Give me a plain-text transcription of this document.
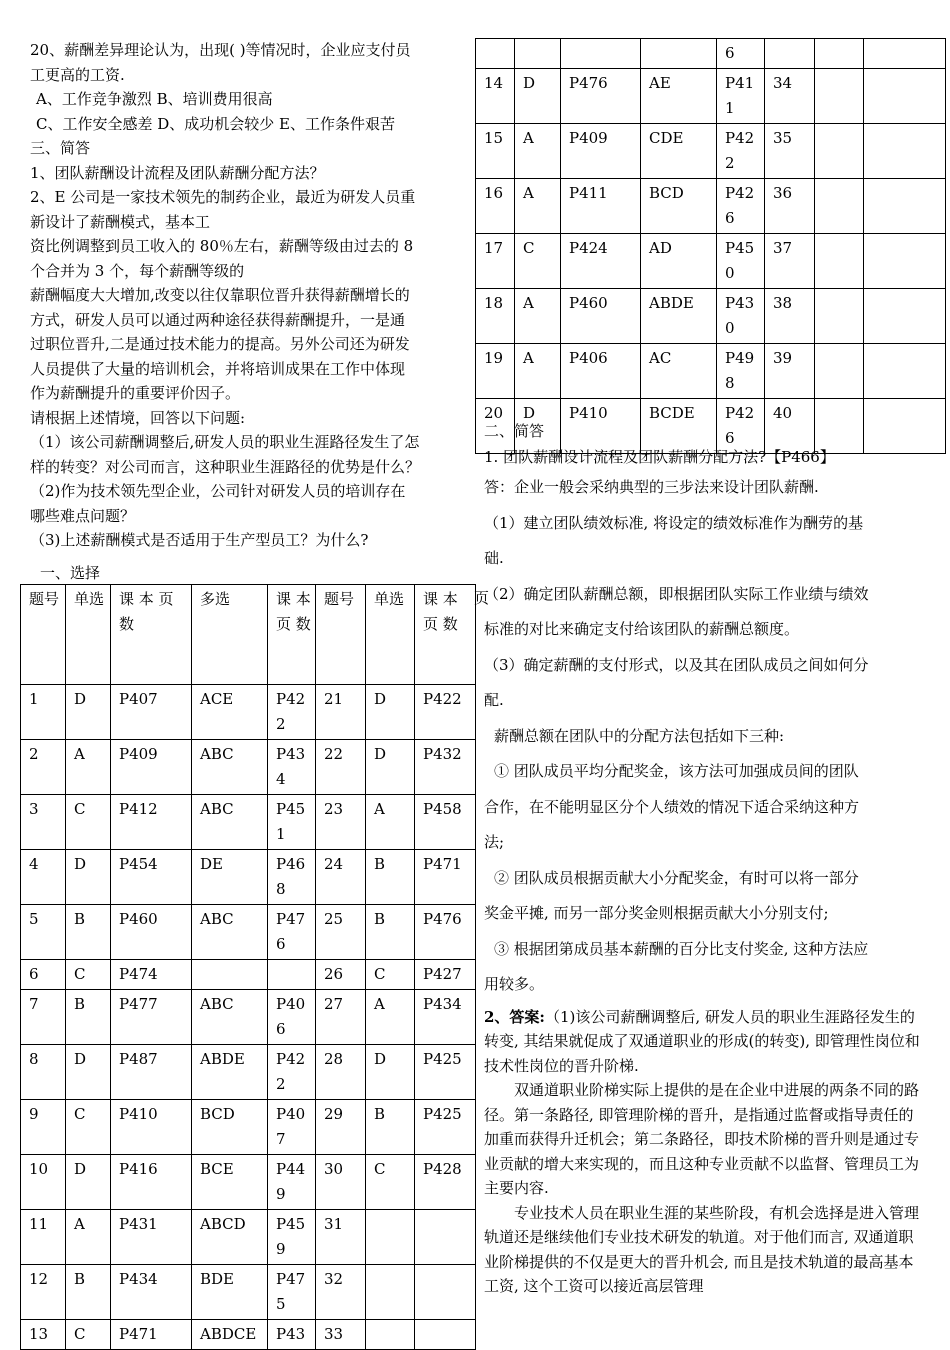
20、薪酬差异理论认为，出现( )等情况时，企业应支付员

工更高的工资.

A、工作竞争激烈 B、培训费用很高

C、工作安全感差 D、成功机会较少 E、工作条件艰苦

三、简答

1、团队薪酬设计流程及团队薪酬分配方法？

2、E 公司是一家技术领先的制药企业，最近为研发人员重

新设计了薪酬模式，基本工

资比例调整到员工收入的 80％左右，薪酬等级由过去的 8

个合并为 3 个，每个薪酬等级的

薪酬幅度大大增加,改变以往仅靠职位晋升获得薪酬增长的

方式，研发人员可以通过两种途径获得薪酬提升，一是通

过职位晋升,二是通过技术能力的提高。另外公司还为研发

人员提供了大量的培训机会，并将培训成果在工作中体现

作为薪酬提升的重要评价因子。

请根据上述情境，回答以下问题:

（1）该公司薪酬调整后,研发人员的职业生涯路径发生了怎

样的转变？对公司而言，这种职业生涯路径的优势是什么？

（2)作为技术领先型企业，公司针对研发人员的培训存在

哪些难点问题？

（3)上述薪酬模式是否适用于生产型员工？为什么?

一、选择
题号	单选	课 本 页 数	多选	课 本 页 数	题号	单选	课 本 页 数
1	D	P407	ACE	P422	21	D	P422
2	A	P409	ABC	P434	22	D	P432
3	C	P412	ABC	P451	23	A	P458
4	D	P454	DE	P468	24	B	P471
5	B	P460	ABC	P476	25	B	P476
6	C	P474			26	C	P427
7	B	P477	ABC	P406	27	A	P434
8	D	P487	ABDE	P422	28	D	P425
9	C	P410	BCD	P407	29	B	P425
10	D	P416	BCE	P449	30	C	P428
11	A	P431	ABCD	P459	31		
12	B	P434	BDE	P475	32		
13	C	P471	ABDCE	P43	33		
页
				6			
14	D	P476	AE	P411	34		
15	A	P409	CDE	P422	35		
16	A	P411	BCD	P426	36		
17	C	P424	AD	P450	37		
18	A	P460	ABDE	P430	38		
19	A	P406	AC	P498	39		
20	D	P410	BCDE	P426	40		

二、简答

1. 团队薪酬设计流程及团队薪酬分配方法?【P466】

答：企业一般会采纳典型的三步法来设计团队薪酬.

（1）建立团队绩效标准, 将设定的绩效标准作为酬劳的基

础.

（2）确定团队薪酬总额，即根据团队实际工作业绩与绩效

标准的对比来确定支付给该团队的薪酬总额度。

（3）确定薪酬的支付形式，以及其在团队成员之间如何分

配.

薪酬总额在团队中的分配方法包括如下三种:

① 团队成员平均分配奖金，该方法可加强成员间的团队

合作，在不能明显区分个人绩效的情况下适合采纳这种方

法;

② 团队成员根据贡献大小分配奖金，有时可以将一部分

奖金平摊, 而另一部分奖金则根据贡献大小分别支付;

③ 根据团第成员基本薪酬的百分比支付奖金, 这种方法应

用较多。

2、答案:（1)该公司薪酬调整后, 研发人员的职业生涯路径发生的转变, 其结果就促成了双通道职业的形成(的转变), 即管理性岗位和技术性岗位的晋升阶梯.

双通道职业阶梯实际上提供的是在企业中进展的两条不同的路径。第一条路径, 即管理阶梯的晋升，是指通过监督或指导责任的加重而获得升迁机会；第二条路径，即技术阶梯的晋升则是通过专业贡献的增大来实现的，而且这种专业贡献不以监督、管理员工为主要内容.

专业技术人员在职业生涯的某些阶段，有机会选择是进入管理轨道还是继续他们专业技术研发的轨道。对于他们而言, 双通道职业阶梯提供的不仅是更大的晋升机会, 而且是技术轨道的最高基本工资, 这个工资可以接近高层管理
